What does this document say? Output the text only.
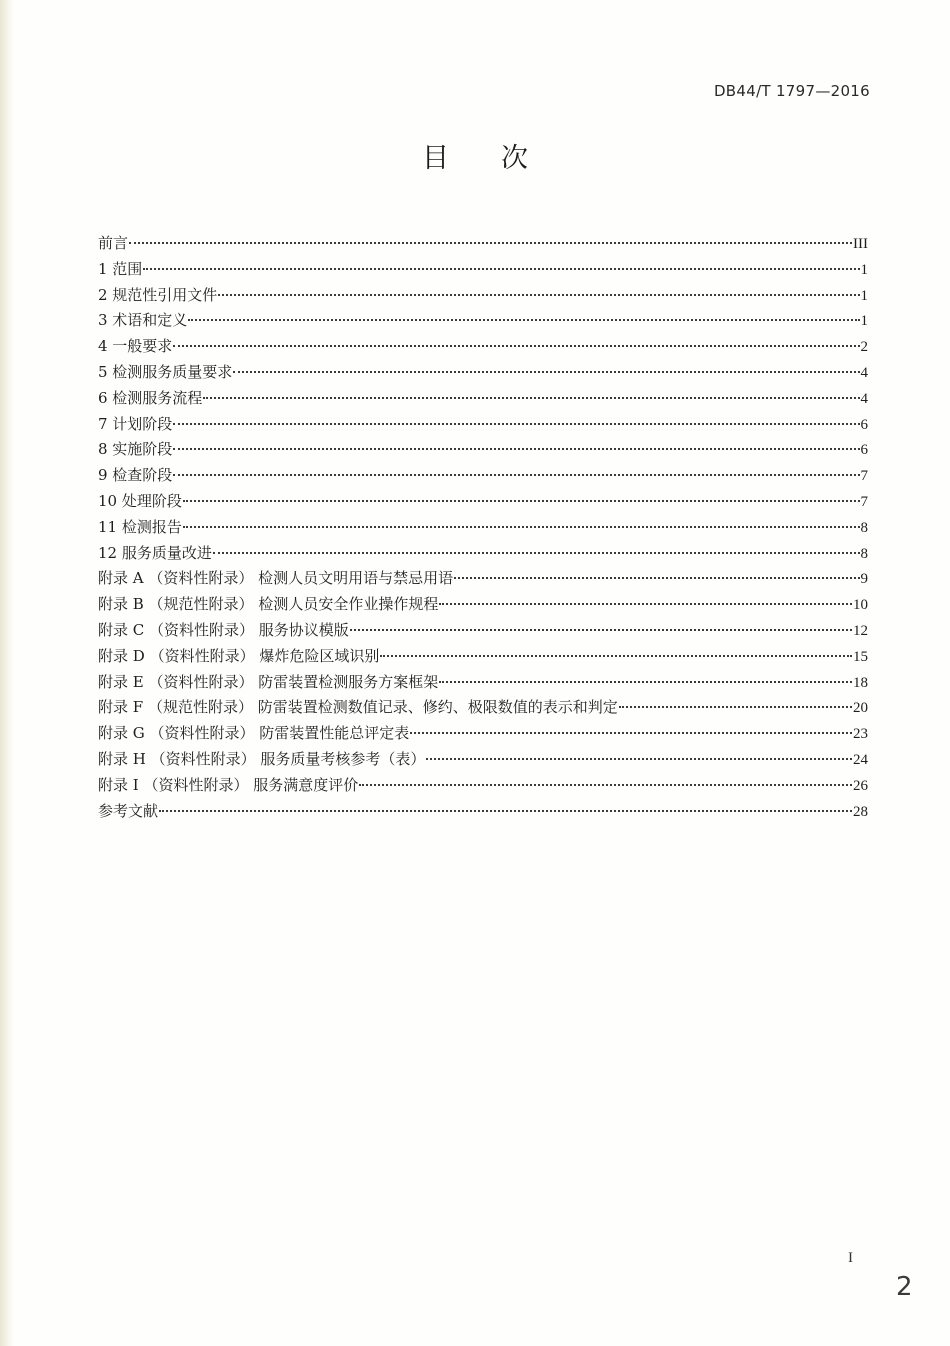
DB44/T 1797—2016
目 次
前言	III
1 范围	1
2 规范性引用文件	1
3 术语和定义	1
4 一般要求	2
5 检测服务质量要求	4
6 检测服务流程	4
7 计划阶段	6
8 实施阶段	6
9 检查阶段	7
10 处理阶段	7
11 检测报告	8
12 服务质量改进	8
附录 A （资料性附录） 检测人员文明用语与禁忌用语	9
附录 B （规范性附录） 检测人员安全作业操作规程	10
附录 C （资料性附录） 服务协议模版	12
附录 D （资料性附录） 爆炸危险区域识别	15
附录 E （资料性附录） 防雷装置检测服务方案框架	18
附录 F （规范性附录） 防雷装置检测数值记录、修约、极限数值的表示和判定	20
附录 G （资料性附录） 防雷装置性能总评定表	23
附录 H （资料性附录） 服务质量考核参考（表）	24
附录 I （资料性附录） 服务满意度评价	26
参考文献	28
I
2
